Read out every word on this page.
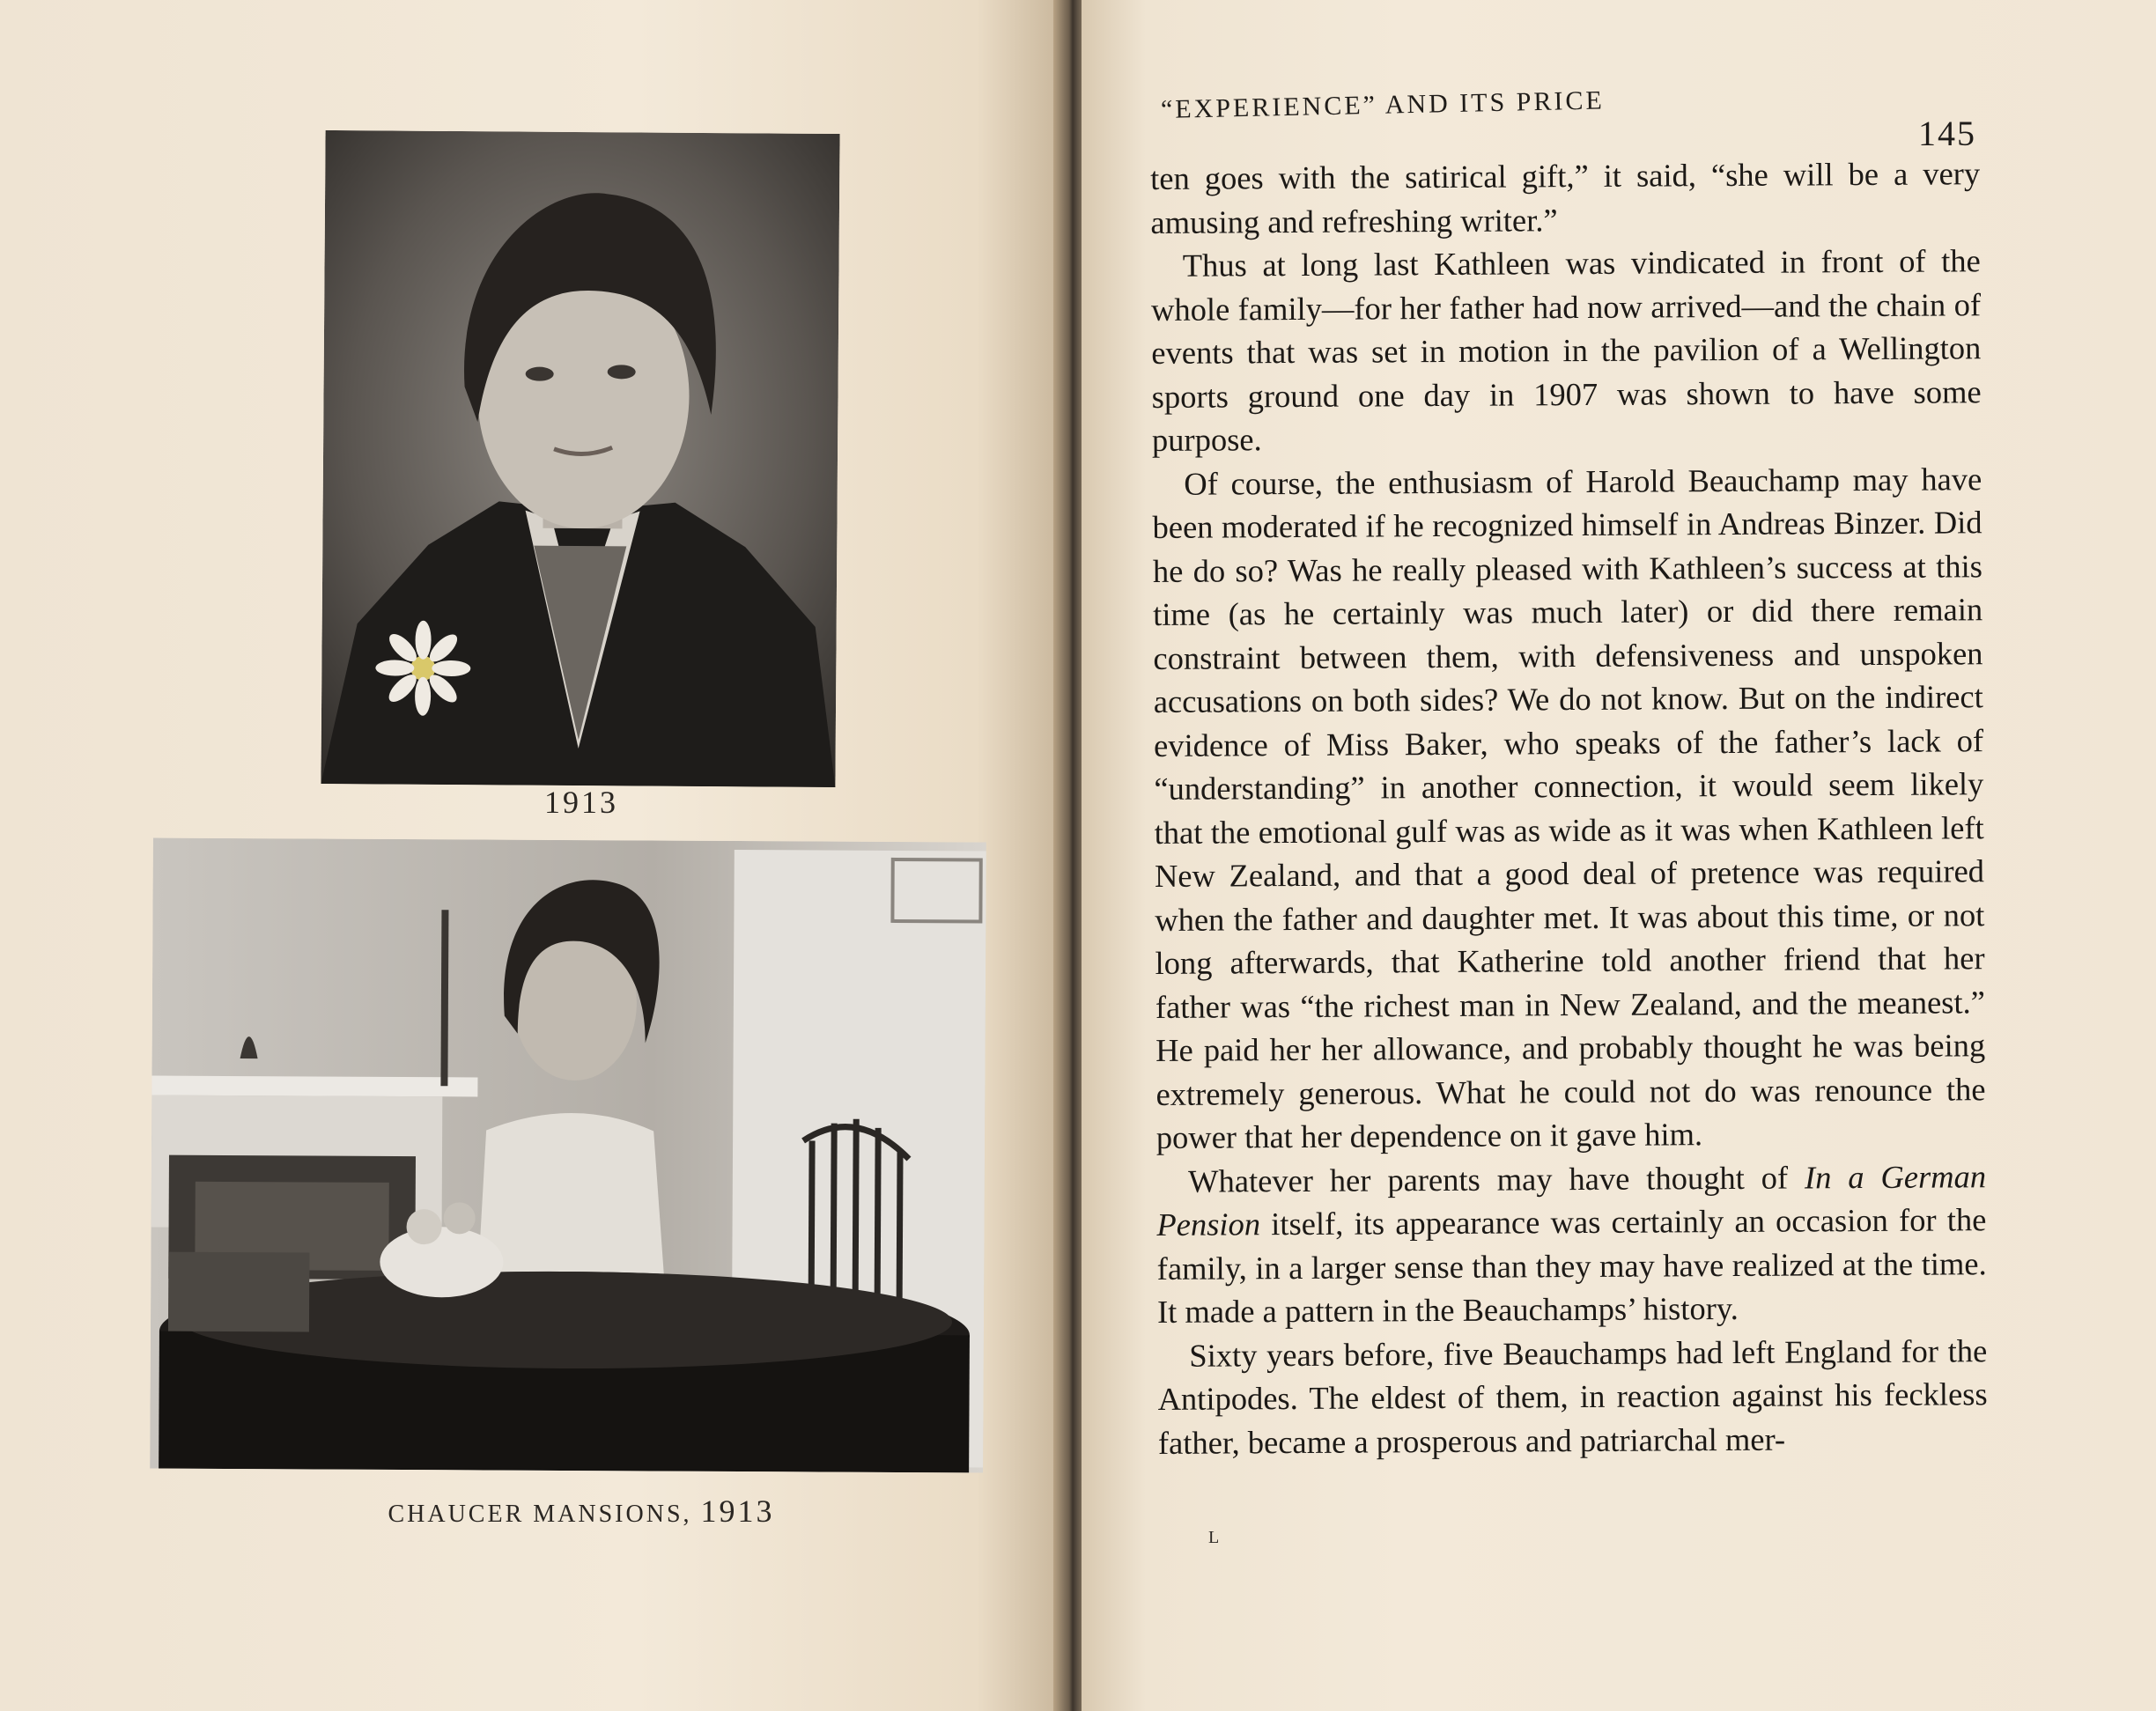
1913
CHAUCER MANSIONS, 1913
“EXPERIENCE” AND ITS PRICE
145

ten goes with the satirical gift,” it said, “she will be a very amusing and refreshing writer.”

Thus at long last Kathleen was vindicated in front of the whole family—for her father had now arrived—and the chain of events that was set in motion in the pavilion of a Wellington sports ground one day in 1907 was shown to have some purpose.

Of course, the enthusiasm of Harold Beauchamp may have been moderated if he recognized himself in Andreas Binzer. Did he do so? Was he really pleased with Kathleen’s success at this time (as he certainly was much later) or did there remain constraint between them, with defensiveness and unspoken accusations on both sides? We do not know. But on the indirect evidence of Miss Baker, who speaks of the father’s lack of “understanding” in another connection, it would seem likely that the emotional gulf was as wide as it was when Kathleen left New Zealand, and that a good deal of pretence was required when the father and daughter met. It was about this time, or not long afterwards, that Katherine told another friend that her father was “the richest man in New Zealand, and the meanest.” He paid her her allowance, and probably thought he was being extremely generous. What he could not do was renounce the power that her dependence on it gave him.

Whatever her parents may have thought of In a German Pension itself, its appearance was certainly an occasion for the family, in a larger sense than they may have realized at the time. It made a pattern in the Beauchamps’ history.

Sixty years before, five Beauchamps had left England for the Antipodes. The eldest of them, in reaction against his feckless father, became a prosperous and patriarchal mer-

L
